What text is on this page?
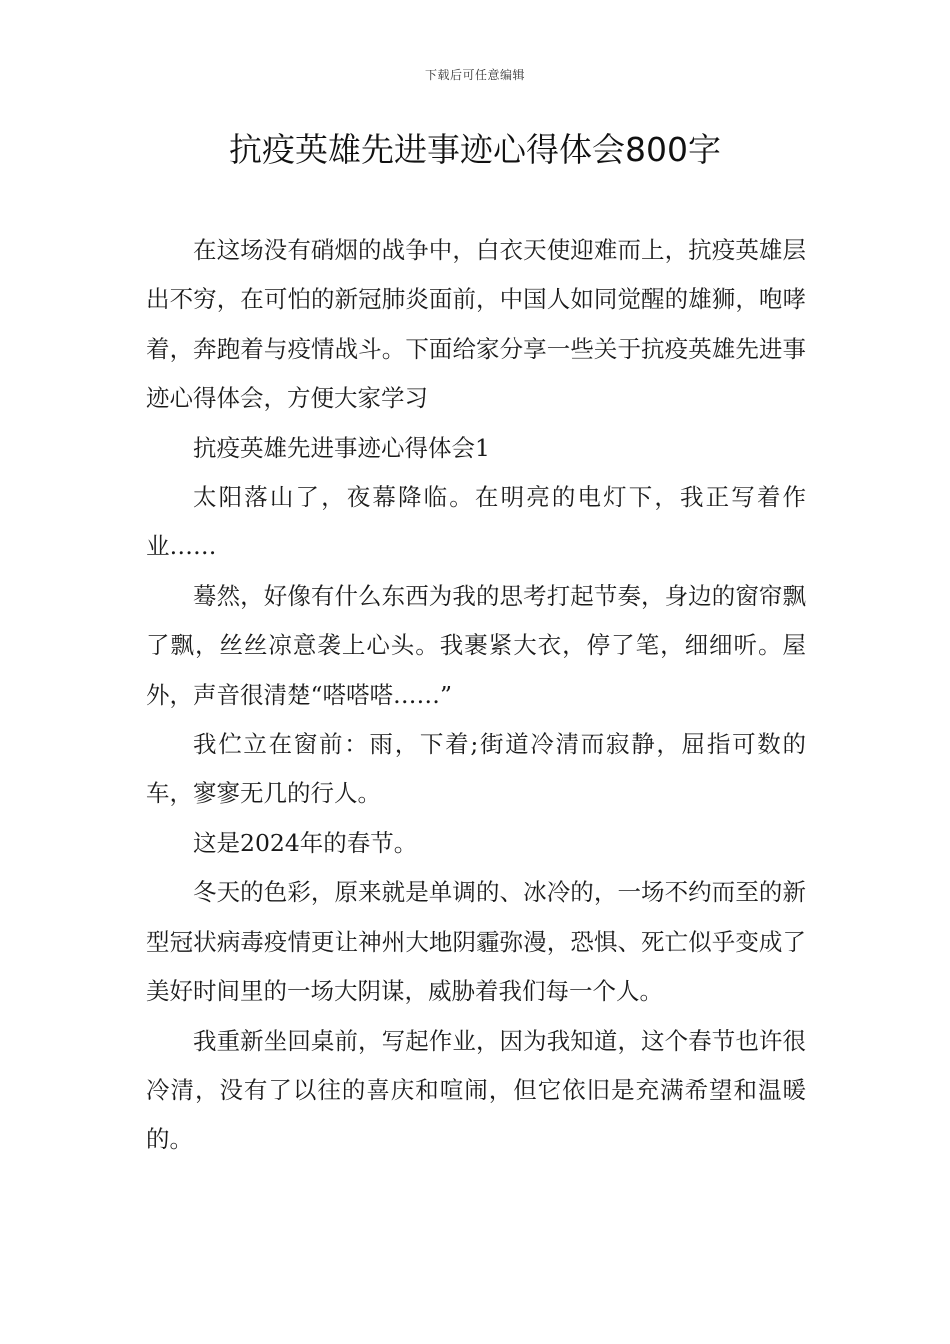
下载后可任意编辑
抗疫英雄先进事迹心得体会800字

在这场没有硝烟的战争中，白衣天使迎难而上，抗疫英雄层出不穷，在可怕的新冠肺炎面前，中国人如同觉醒的雄狮，咆哮着，奔跑着与疫情战斗。下面给家分享一些关于抗疫英雄先进事迹心得体会，方便大家学习

抗疫英雄先进事迹心得体会1

太阳落山了，夜幕降临。在明亮的电灯下，我正写着作业……

蓦然，好像有什么东西为我的思考打起节奏，身边的窗帘飘了飘，丝丝凉意袭上心头。我裹紧大衣，停了笔，细细听。屋外，声音很清楚“嗒嗒嗒……”

我伫立在窗前：雨，下着;街道冷清而寂静，屈指可数的车，寥寥无几的行人。

这是2024年的春节。

冬天的色彩，原来就是单调的、冰冷的，一场不约而至的新型冠状病毒疫情更让神州大地阴霾弥漫，恐惧、死亡似乎变成了美好时间里的一场大阴谋，威胁着我们每一个人。

我重新坐回桌前，写起作业，因为我知道，这个春节也许很冷清，没有了以往的喜庆和喧闹，但它依旧是充满希望和温暖的。
